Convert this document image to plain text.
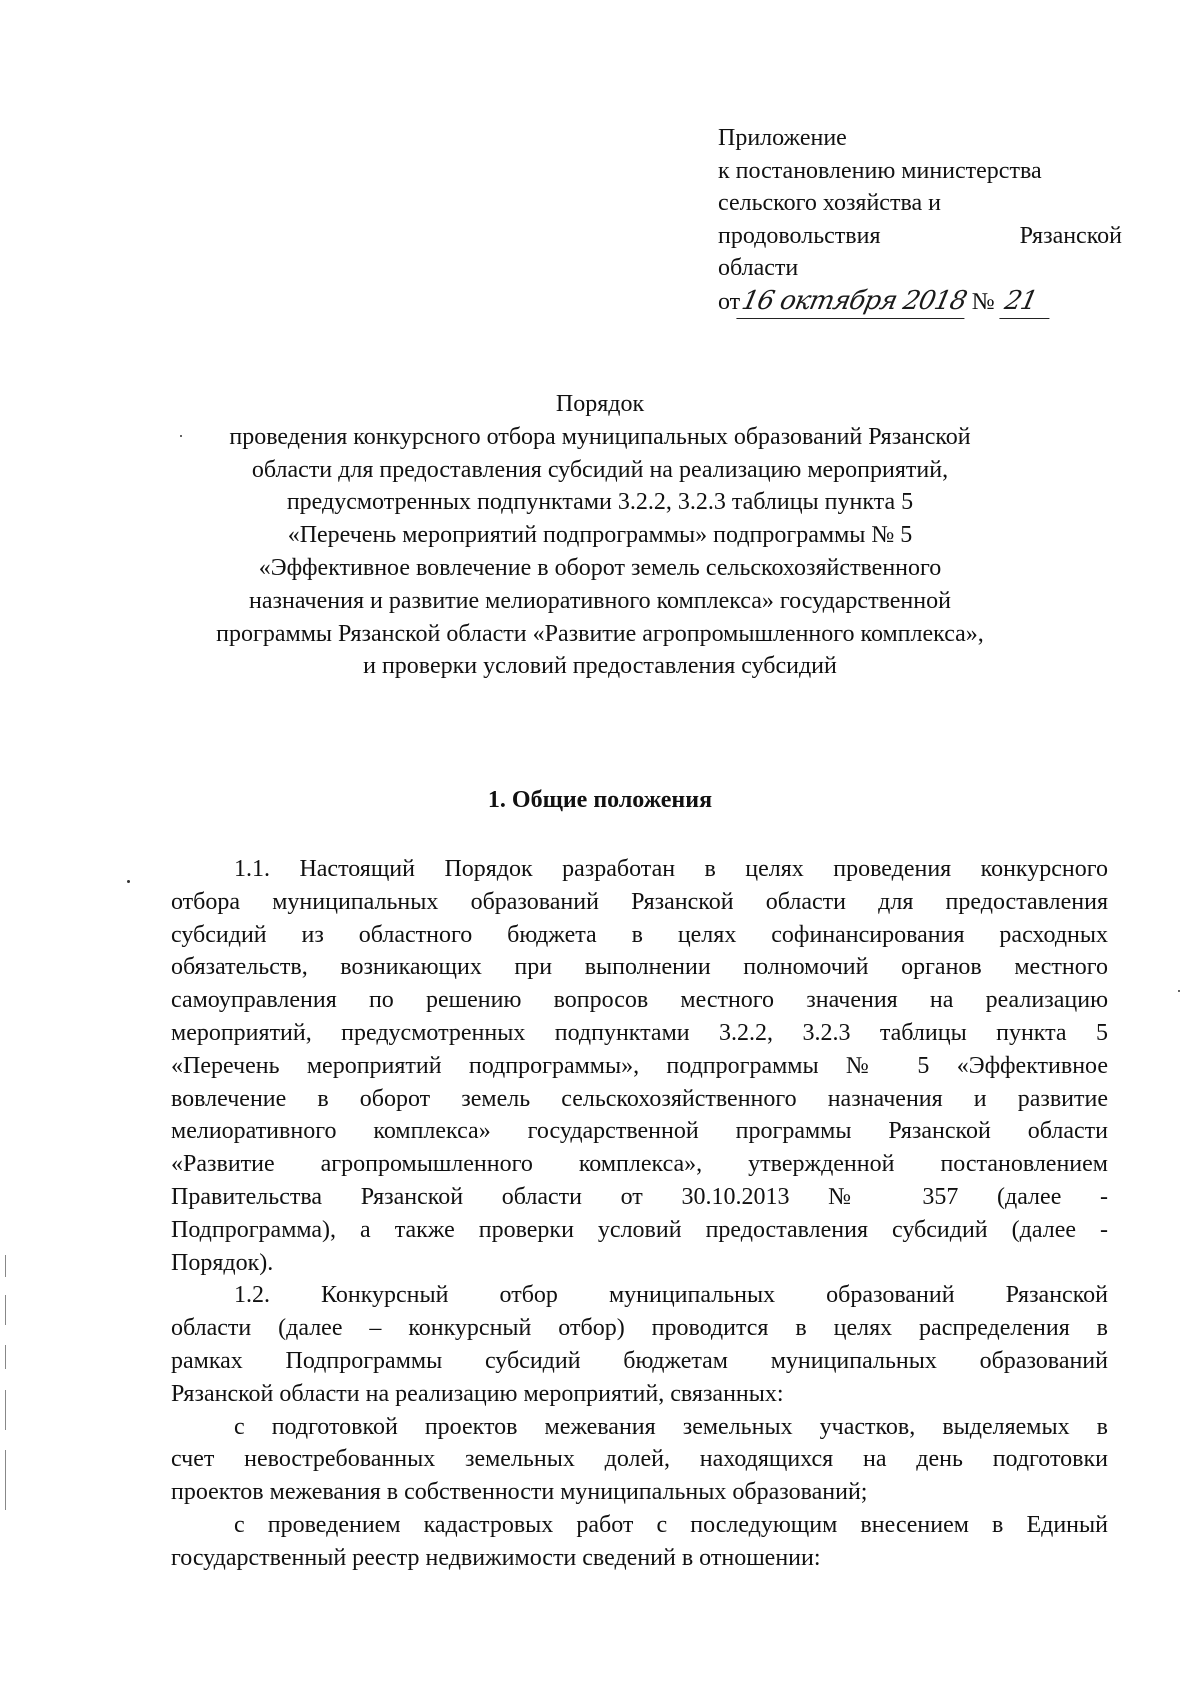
Приложение
к постановлению министерства
сельского хозяйства и
продовольствия	Рязанской
области
от
16 октября 2018 № 21
Порядок
проведения конкурсного отбора муниципальных образований Рязанской
области для предоставления субсидий на реализацию мероприятий,
предусмотренных подпунктами 3.2.2, 3.2.3 таблицы пункта 5
«Перечень мероприятий подпрограммы» подпрограммы № 5
«Эффективное вовлечение в оборот земель сельскохозяйственного
назначения и развитие мелиоративного комплекса» государственной
программы Рязанской области «Развитие агропромышленного комплекса»,
и проверки условий предоставления субсидий
1. Общие положения
1.1. Настоящий Порядок разработан в целях проведения конкурсного
отбора муниципальных образований Рязанской области для предоставления
субсидий из областного бюджета в целях софинансирования расходных
обязательств, возникающих при выполнении полномочий органов местного
самоуправления по решению вопросов местного значения на реализацию
мероприятий, предусмотренных подпунктами 3.2.2, 3.2.3 таблицы пункта 5
«Перечень мероприятий подпрограммы», подпрограммы № 5 «Эффективное
вовлечение в оборот земель сельскохозяйственного назначения и развитие
мелиоративного комплекса» государственной программы Рязанской области
«Развитие агропромышленного комплекса», утвержденной постановлением
Правительства Рязанской области от 30.10.2013 № 357 (далее -
Подпрограмма), а также проверки условий предоставления субсидий (далее -
Порядок).
1.2. Конкурсный отбор муниципальных образований Рязанской
области (далее – конкурсный отбор) проводится в целях распределения в
рамках Подпрограммы субсидий бюджетам муниципальных образований
Рязанской области на реализацию мероприятий, связанных:
с подготовкой проектов межевания земельных участков, выделяемых в
счет невостребованных земельных долей, находящихся на день подготовки
проектов межевания в собственности муниципальных образований;
с проведением кадастровых работ с последующим внесением в Единый
государственный реестр недвижимости сведений в отношении:
